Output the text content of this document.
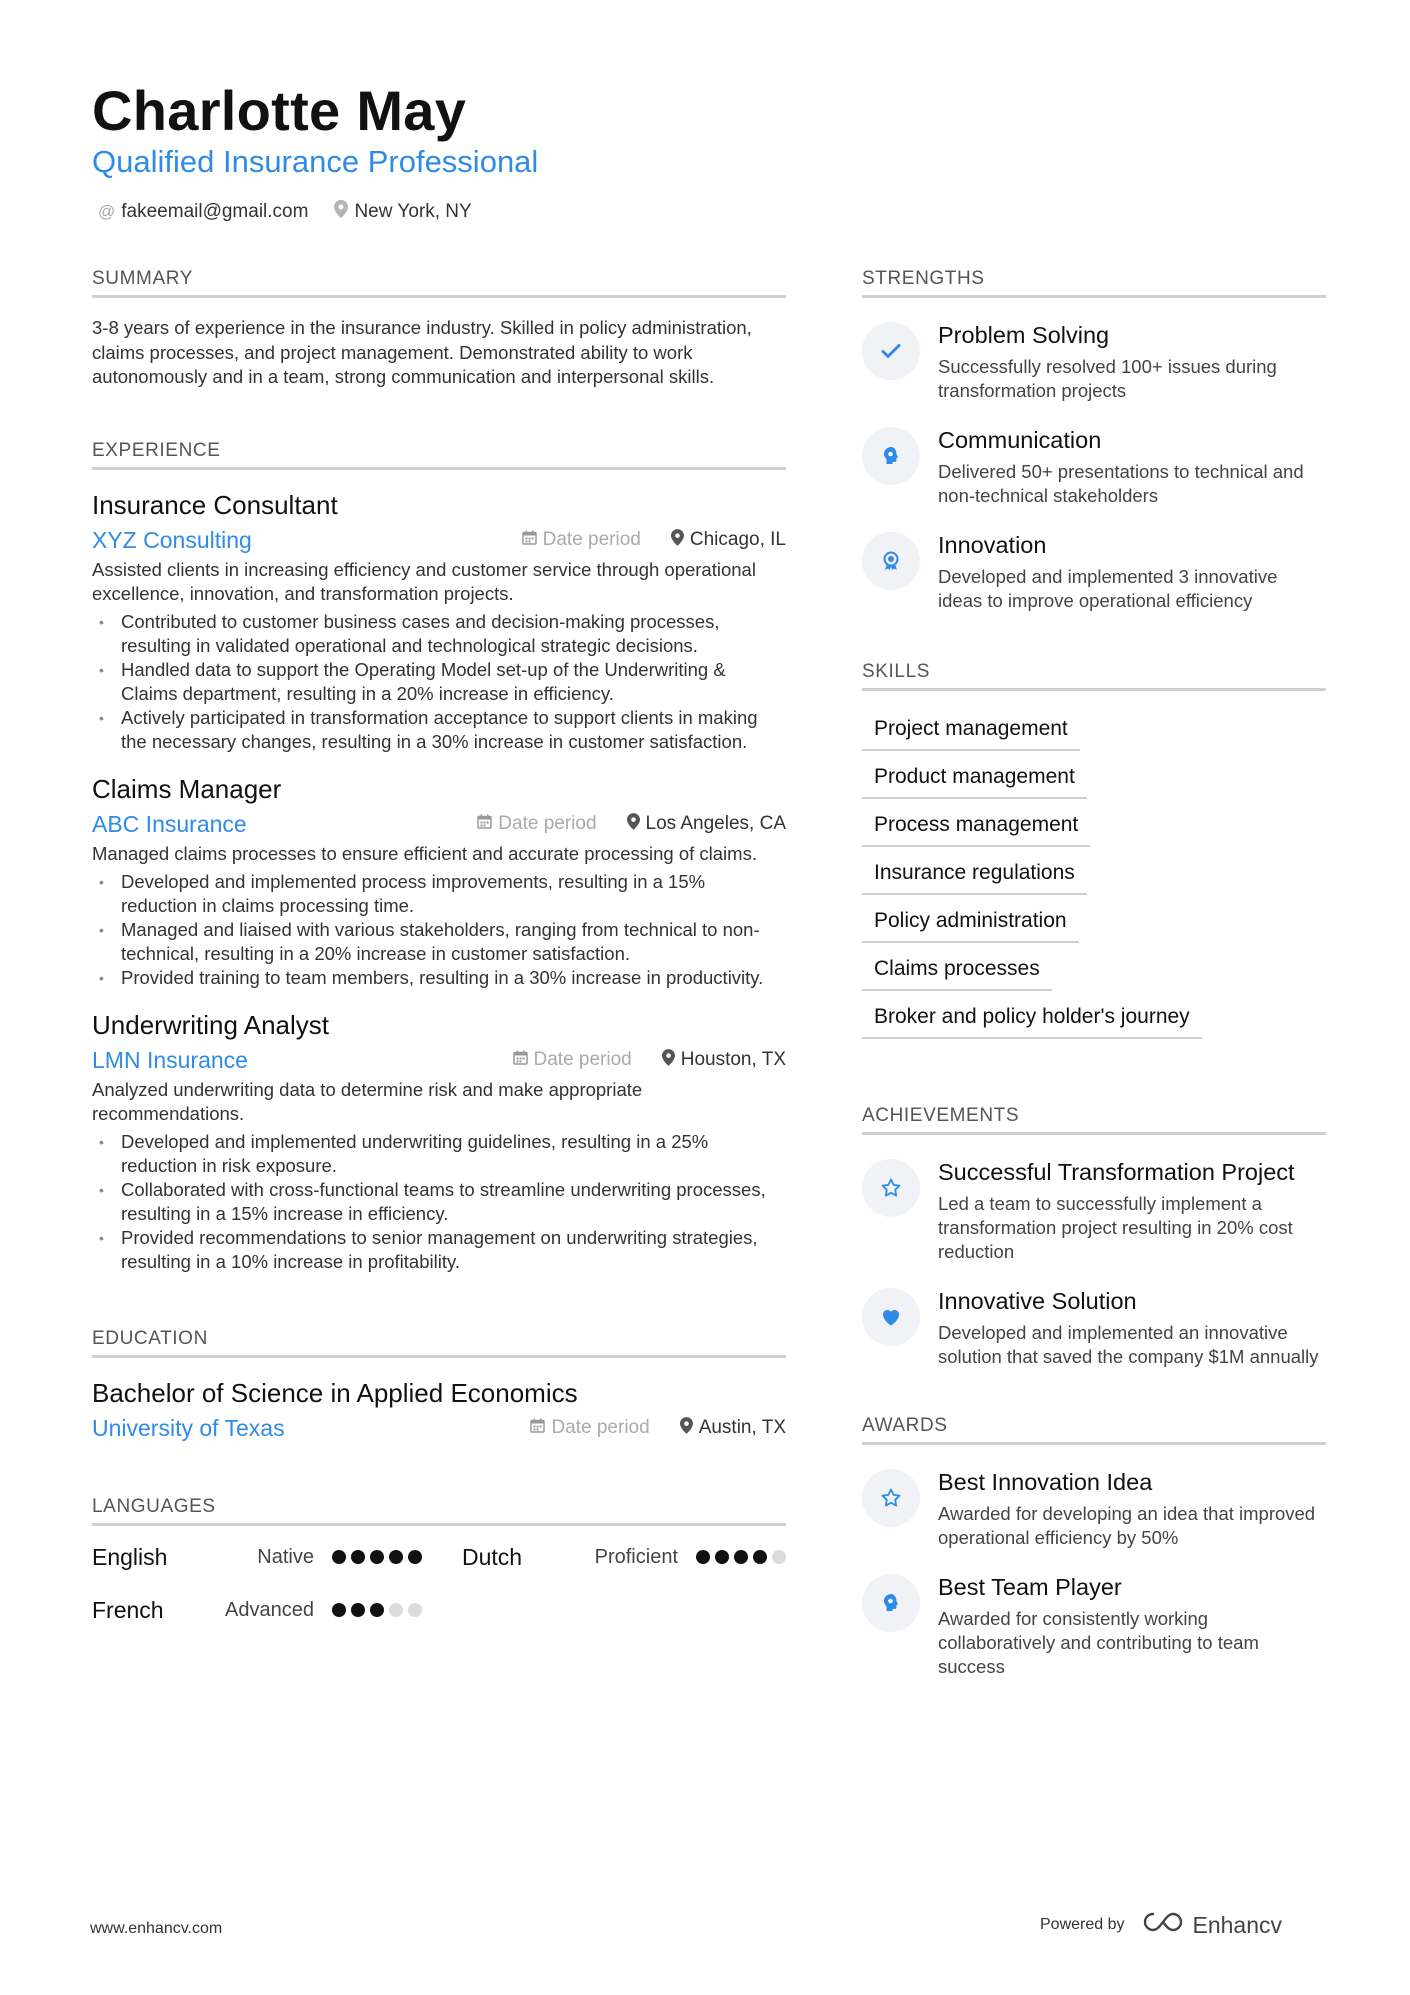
Charlotte May
Qualified Insurance Professional
@ fakeemail@gmail.com New York, NY
SUMMARY

3-8 years of experience in the insurance industry. Skilled in policy administration, claims processes, and project management. Demonstrated ability to work autonomously and in a team, strong communication and interpersonal skills.

EXPERIENCE
Insurance Consultant
XYZ Consulting	Date period	Chicago, IL

Assisted clients in increasing efficiency and customer service through operational excellence, innovation, and transformation projects.

• Contributed to customer business cases and decision-making processes, resulting in validated operational and technological strategic decisions.
• Handled data to support the Operating Model set-up of the Underwriting & Claims department, resulting in a 20% increase in efficiency.
• Actively participated in transformation acceptance to support clients in making the necessary changes, resulting in a 30% increase in customer satisfaction.
Claims Manager
ABC Insurance	Date period	Los Angeles, CA

Managed claims processes to ensure efficient and accurate processing of claims.

• Developed and implemented process improvements, resulting in a 15% reduction in claims processing time.
• Managed and liaised with various stakeholders, ranging from technical to non-technical, resulting in a 20% increase in customer satisfaction.
• Provided training to team members, resulting in a 30% increase in productivity.
Underwriting Analyst
LMN Insurance	Date period	Houston, TX

Analyzed underwriting data to determine risk and make appropriate recommendations.

• Developed and implemented underwriting guidelines, resulting in a 25% reduction in risk exposure.
• Collaborated with cross-functional teams to streamline underwriting processes, resulting in a 15% increase in efficiency.
• Provided recommendations to senior management on underwriting strategies, resulting in a 10% increase in profitability.
EDUCATION
Bachelor of Science in Applied Economics
University of Texas	Date period	Austin, TX
LANGUAGES
English	Native	Dutch	Proficient
French	Advanced
STRENGTHS
Problem Solving
Successfully resolved 100+ issues during transformation projects
Communication
Delivered 50+ presentations to technical and non-technical stakeholders
Innovation
Developed and implemented 3 innovative ideas to improve operational efficiency
SKILLS
Project management
Product management
Process management
Insurance regulations
Policy administration
Claims processes
Broker and policy holder's journey
ACHIEVEMENTS
Successful Transformation Project
Led a team to successfully implement a transformation project resulting in 20% cost reduction
Innovative Solution
Developed and implemented an innovative solution that saved the company $1M annually
AWARDS
Best Innovation Idea
Awarded for developing an idea that improved operational efficiency by 50%
Best Team Player
Awarded for consistently working collaboratively and contributing to team success
www.enhancv.com	Powered by	Enhancv
